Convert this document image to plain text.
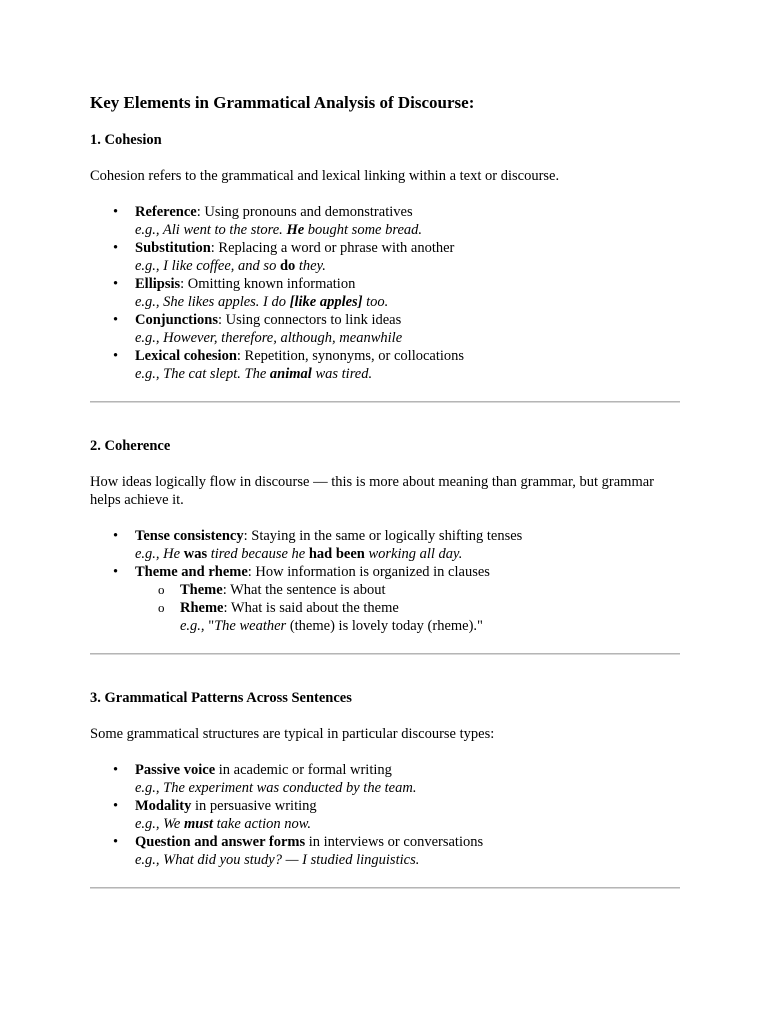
Key Elements in Grammatical Analysis of Discourse:
1. Cohesion

Cohesion refers to the grammatical and lexical linking within a text or discourse.

• Reference: Using pronouns and demonstratives
e.g., Ali went to the store. He bought some bread.
• Substitution: Replacing a word or phrase with another
e.g., I like coffee, and so do they.
• Ellipsis: Omitting known information
e.g., She likes apples. I do [like apples] too.
• Conjunctions: Using connectors to link ideas
e.g., However, therefore, although, meanwhile
• Lexical cohesion: Repetition, synonyms, or collocations
e.g., The cat slept. The animal was tired.
2. Coherence

How ideas logically flow in discourse — this is more about meaning than grammar, but grammar helps achieve it.

• Tense consistency: Staying in the same or logically shifting tenses
e.g., He was tired because he had been working all day.
• Theme and rheme: How information is organized in clauses
o Theme: What the sentence is about
o Rheme: What is said about the theme
e.g., "The weather (theme) is lovely today (rheme)."
3. Grammatical Patterns Across Sentences

Some grammatical structures are typical in particular discourse types:

• Passive voice in academic or formal writing
e.g., The experiment was conducted by the team.
• Modality in persuasive writing
e.g., We must take action now.
• Question and answer forms in interviews or conversations
e.g., What did you study? — I studied linguistics.
